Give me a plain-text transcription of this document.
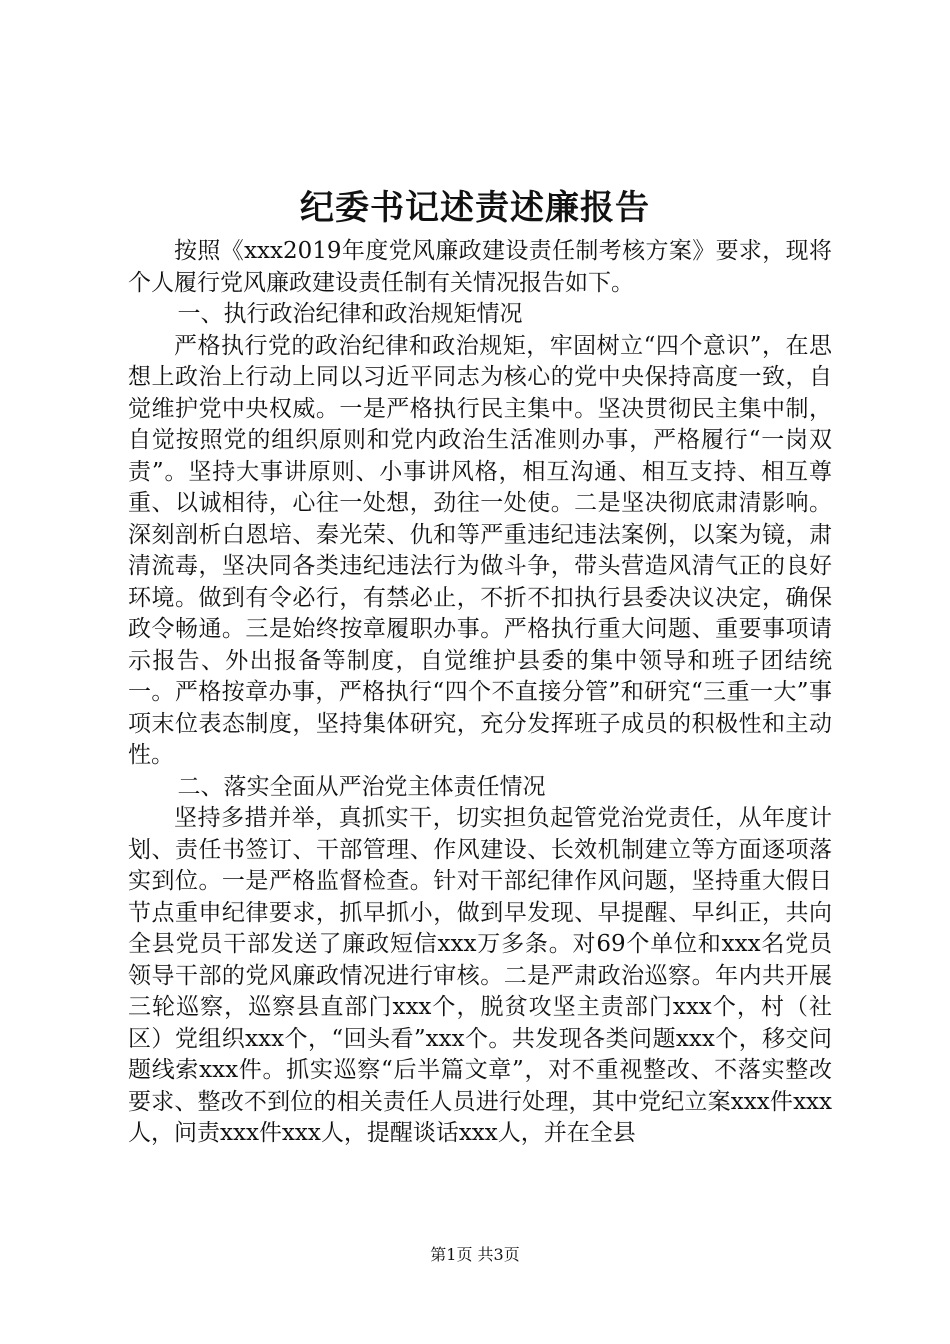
纪委书记述责述廉报告

按照《xxx2019年度党风廉政建设责任制考核方案》要求，现将个人履行党风廉政建设责任制有关情况报告如下。

一、执行政治纪律和政治规矩情况

严格执行党的政治纪律和政治规矩，牢固树立“四个意识”，在思想上政治上行动上同以习近平同志为核心的党中央保持高度一致，自觉维护党中央权威。一是严格执行民主集中。坚决贯彻民主集中制，自觉按照党的组织原则和党内政治生活准则办事，严格履行“一岗双责”。坚持大事讲原则、小事讲风格，相互沟通、相互支持、相互尊重、以诚相待，心往一处想，劲往一处使。二是坚决彻底肃清影响。深刻剖析白恩培、秦光荣、仇和等严重违纪违法案例，以案为镜，肃清流毒，坚决同各类违纪违法行为做斗争，带头营造风清气正的良好环境。做到有令必行，有禁必止，不折不扣执行县委决议决定，确保政令畅通。三是始终按章履职办事。严格执行重大问题、重要事项请示报告、外出报备等制度，自觉维护县委的集中领导和班子团结统一。严格按章办事，严格执行“四个不直接分管”和研究“三重一大”事项末位表态制度，坚持集体研究，充分发挥班子成员的积极性和主动性。

二、落实全面从严治党主体责任情况

坚持多措并举，真抓实干，切实担负起管党治党责任，从年度计划、责任书签订、干部管理、作风建设、长效机制建立等方面逐项落实到位。一是严格监督检查。针对干部纪律作风问题，坚持重大假日节点重申纪律要求，抓早抓小，做到早发现、早提醒、早纠正，共向全县党员干部发送了廉政短信xxx万多条。对69个单位和xxx名党员领导干部的党风廉政情况进行审核。二是严肃政治巡察。年内共开展三轮巡察，巡察县直部门xxx个，脱贫攻坚主责部门xxx个，村（社区）党组织xxx个，“回头看”xxx个。共发现各类问题xxx个，移交问题线索xxx件。抓实巡察“后半篇文章”，对不重视整改、不落实整改要求、整改不到位的相关责任人员进行处理，其中党纪立案xxx件xxx人，问责xxx件xxx人，提醒谈话xxx人，并在全县

第1页 共3页
